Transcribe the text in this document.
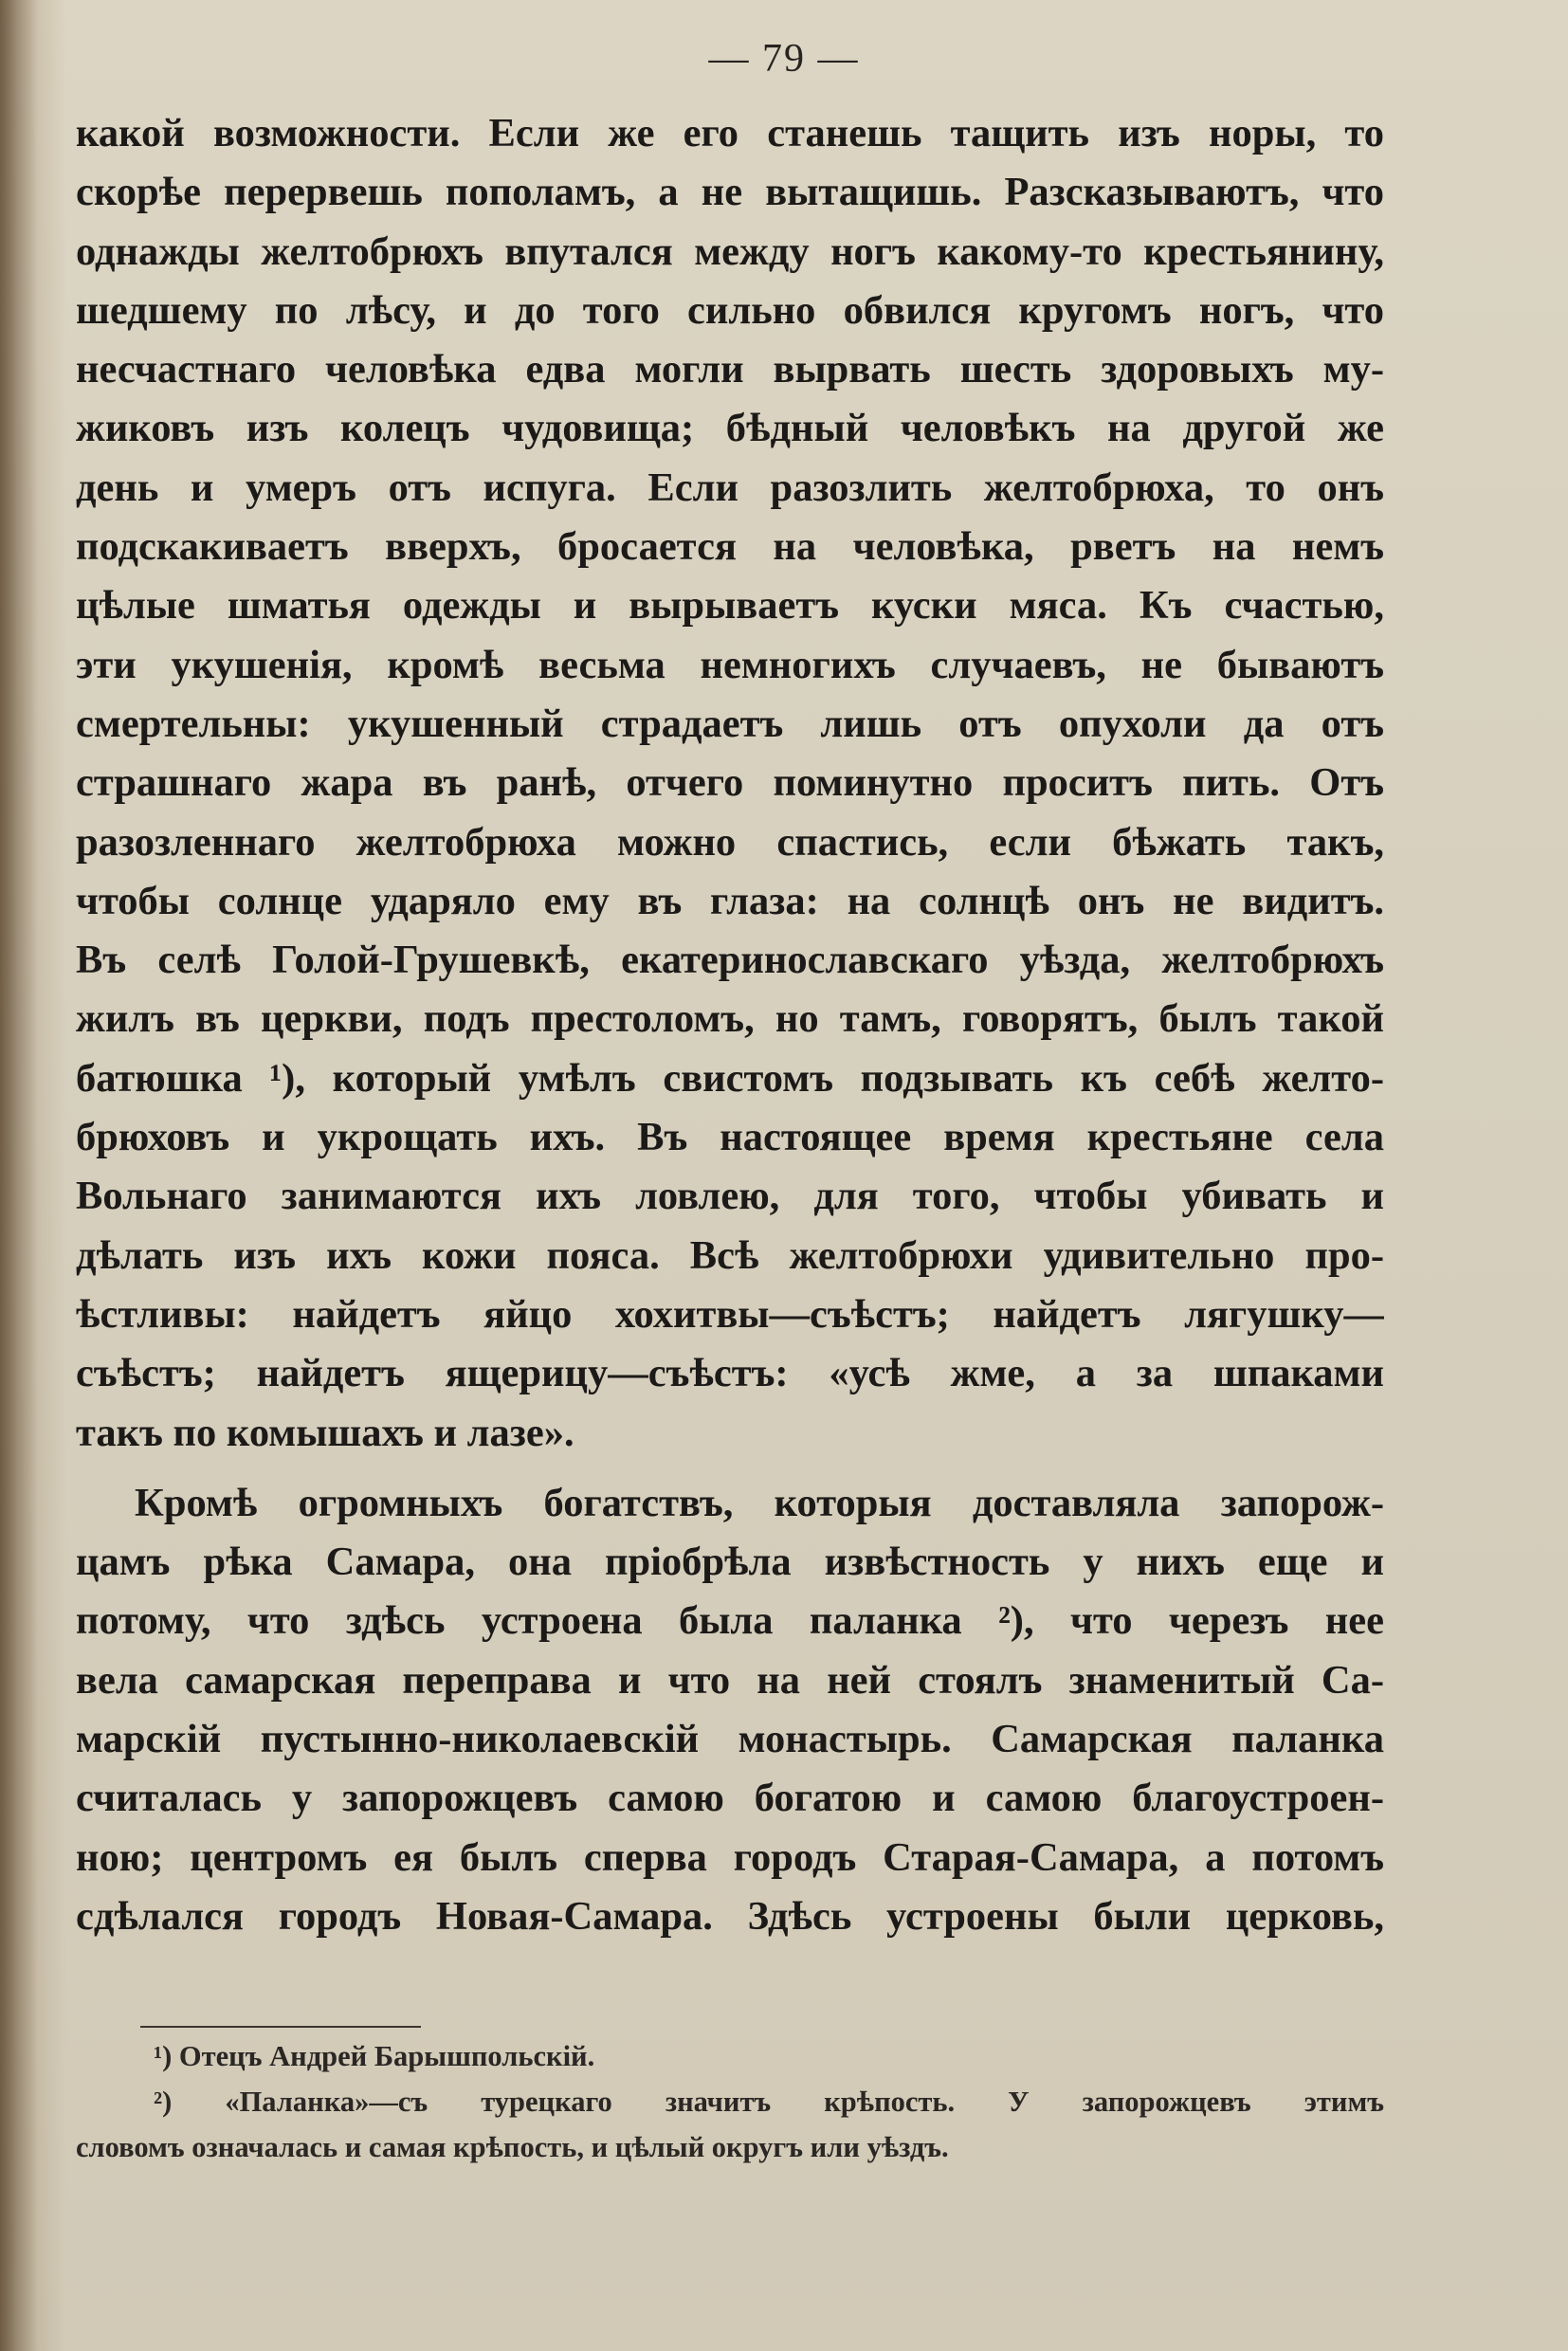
— 79 —
какой возможности. Если же его станешь тащить изъ норы, то
скорѣе перервешь пополамъ, а не вытащишь. Разсказываютъ, что
однажды желтобрюхъ впутался между ногъ какому-то крестьянину,
шедшему по лѣсу, и до того сильно обвился кругомъ ногъ, что
несчастнаго человѣка едва могли вырвать шесть здоровыхъ му-
жиковъ изъ колецъ чудовища; бѣдный человѣкъ на другой же
день и умеръ отъ испуга. Если разозлить желтобрюха, то онъ
подскакиваетъ вверхъ, бросается на человѣка, рветъ на немъ
цѣлые шматья одежды и вырываетъ куски мяса. Къ счастью,
эти укушенія, кромѣ весьма немногихъ случаевъ, не бываютъ
смертельны: укушенный страдаетъ лишь отъ опухоли да отъ
страшнаго жара въ ранѣ, отчего поминутно проситъ пить. Отъ
разозленнаго желтобрюха можно спастись, если бѣжать такъ,
чтобы солнце ударяло ему въ глаза: на солнцѣ онъ не видитъ.
Въ селѣ Голой-Грушевкѣ, екатеринославскаго уѣзда, желтобрюхъ
жилъ въ церкви, подъ престоломъ, но тамъ, говорятъ, былъ такой
батюшка ¹), который умѣлъ свистомъ подзывать къ себѣ желто-
брюховъ и укрощать ихъ. Въ настоящее время крестьяне села
Вольнаго занимаются ихъ ловлею, для того, чтобы убивать и
дѣлать изъ ихъ кожи пояса. Всѣ желтобрюхи удивительно про-
ѣстливы: найдетъ яйцо хохитвы—съѣстъ; найдетъ лягушку—
съѣстъ; найдетъ ящерицу—съѣстъ: «усѣ жме, а за шпаками
такъ по комышахъ и лазе».
Кромѣ огромныхъ богатствъ, которыя доставляла запорож-
цамъ рѣка Самара, она пріобрѣла извѣстность у нихъ еще и
потому, что здѣсь устроена была паланка ²), что черезъ нее
вела самарская переправа и что на ней стоялъ знаменитый Са-
марскій пустынно-николаевскій монастырь. Самарская паланка
считалась у запорожцевъ самою богатою и самою благоустроен-
ною; центромъ ея былъ сперва городъ Старая-Самара, а потомъ
сдѣлался городъ Новая-Самара. Здѣсь устроены были церковь,
¹) Отецъ Андрей Барышпольскій.
²) «Паланка»—съ турецкаго значитъ крѣпость. У запорожцевъ этимъ
словомъ означалась и самая крѣпость, и цѣлый округъ или уѣздъ.
